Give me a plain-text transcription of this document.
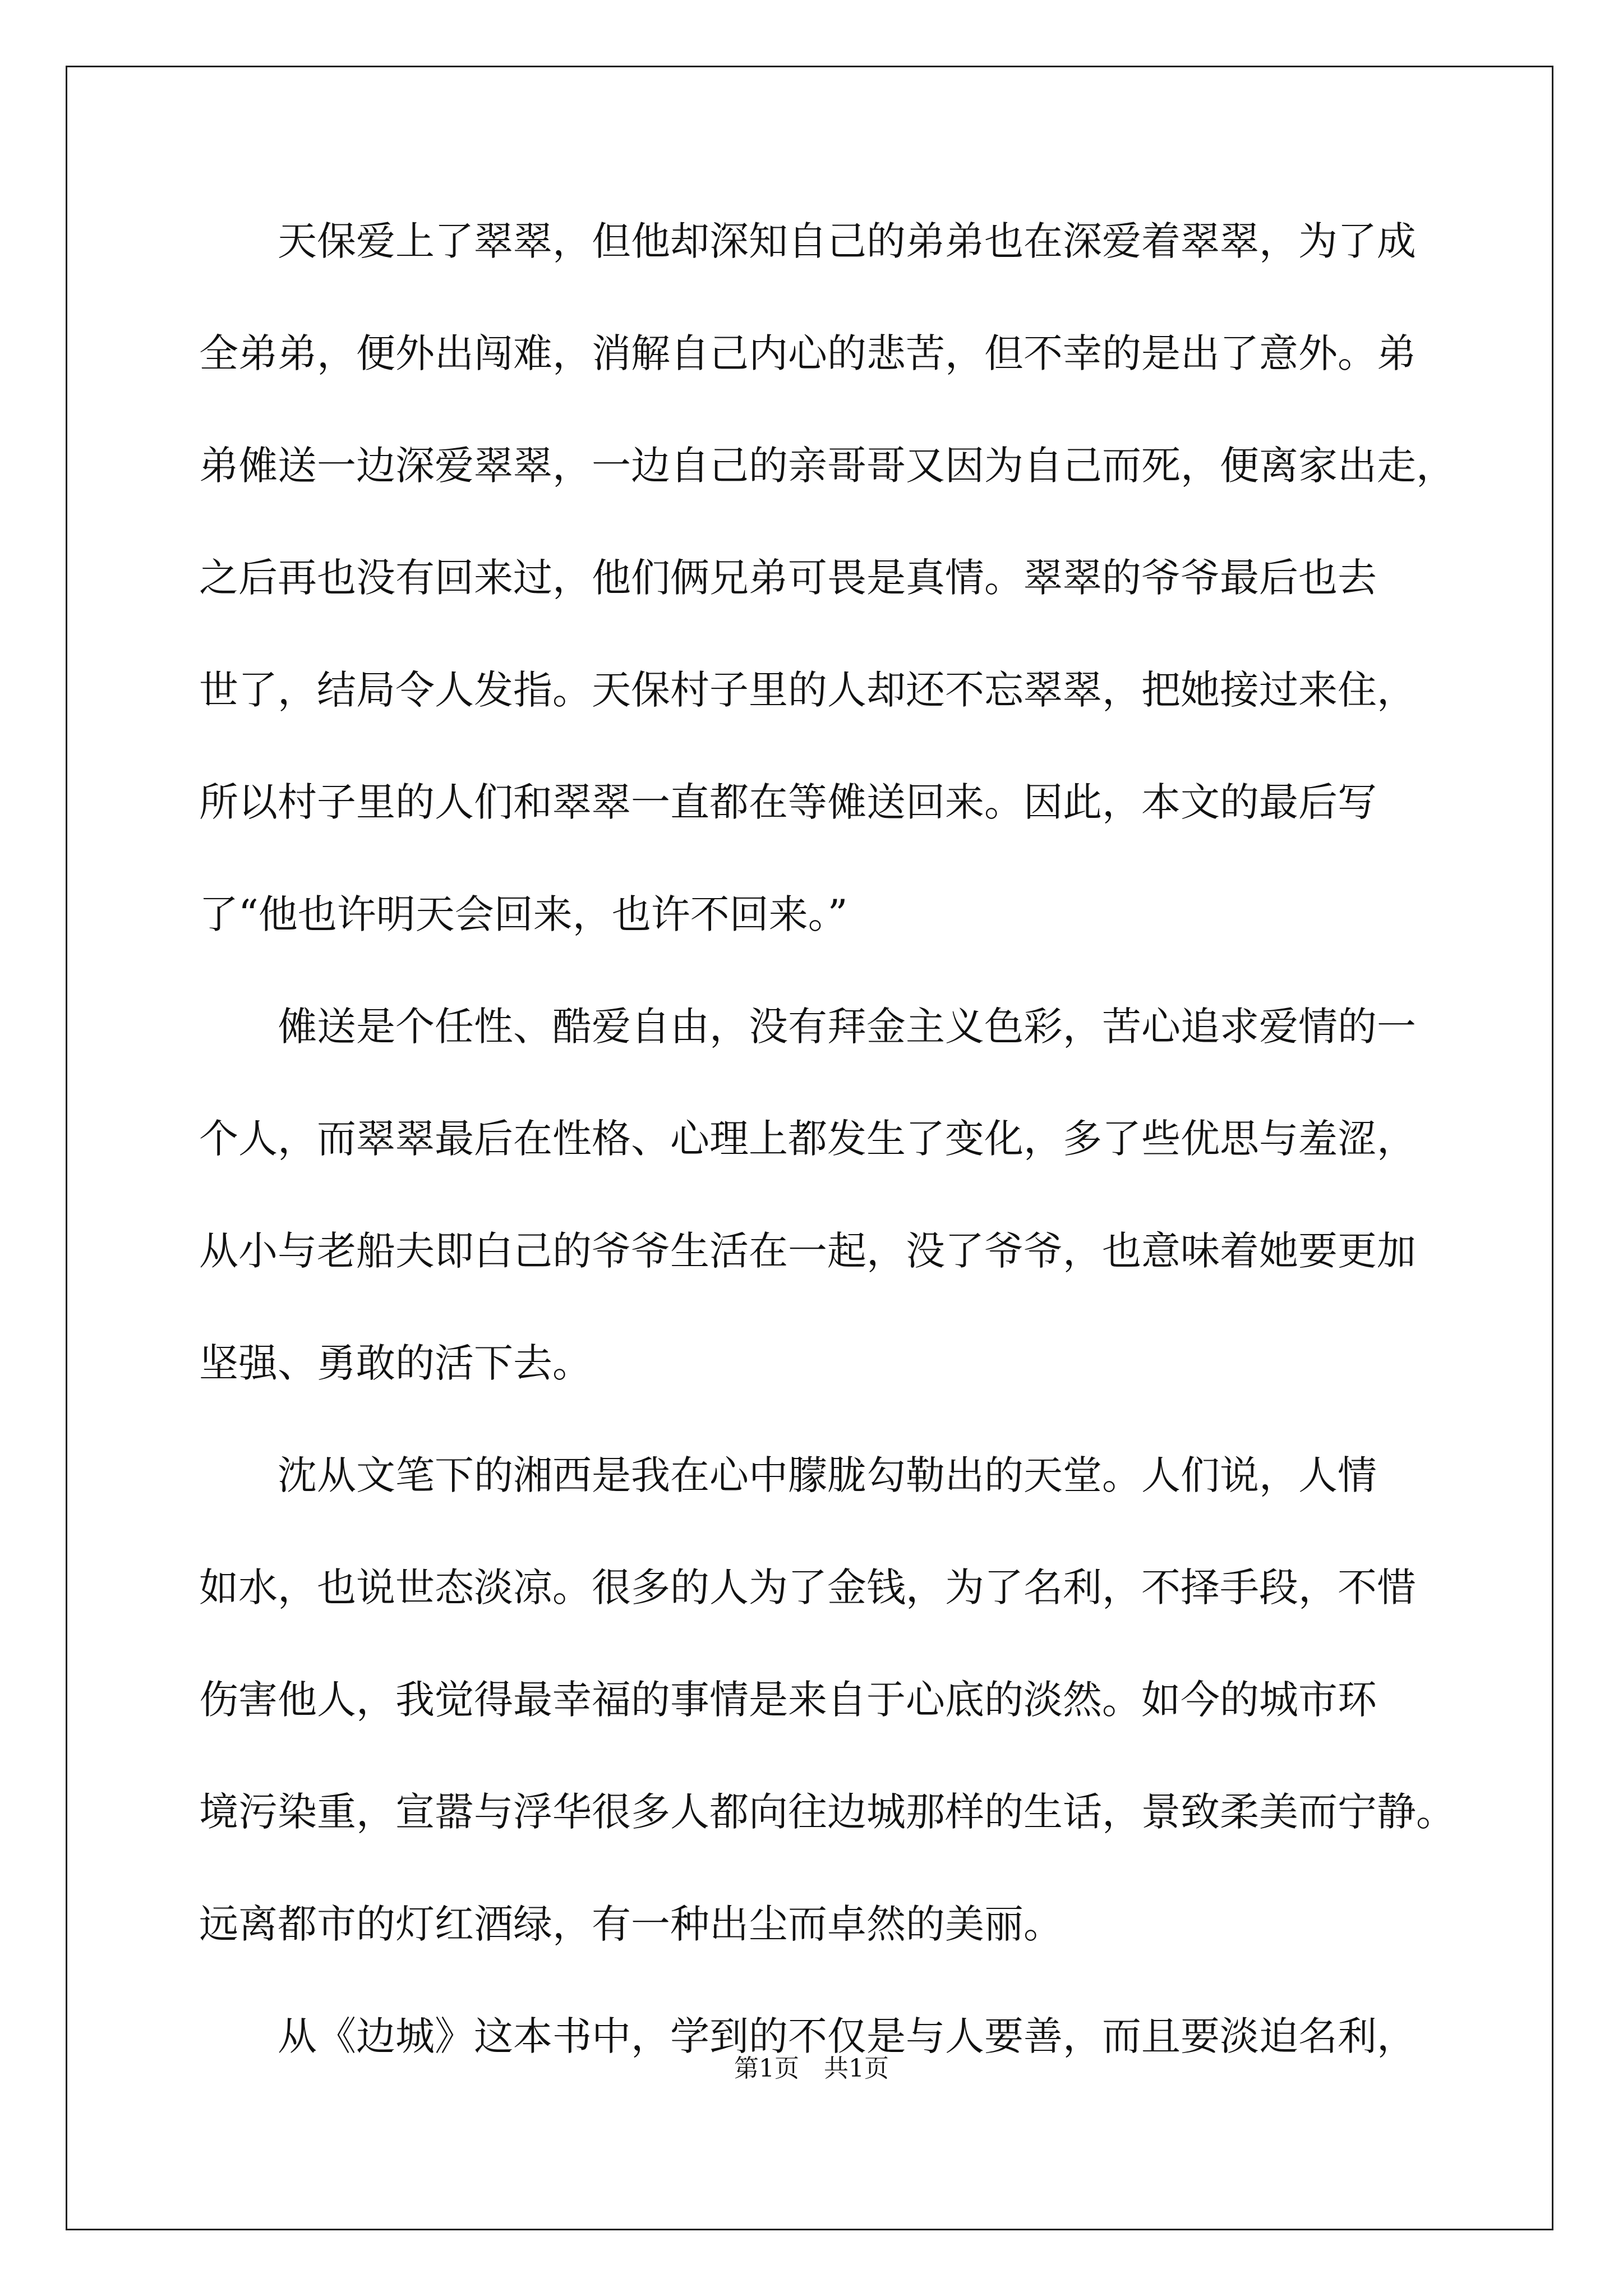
　　天保爱上了翠翠，但他却深知自己的弟弟也在深爱着翠翠，为了成
全弟弟，便外出闯难，消解自己内心的悲苦，但不幸的是出了意外。弟
弟傩送一边深爱翠翠，一边自己的亲哥哥又因为自己而死，便离家出走，
之后再也没有回来过，他们俩兄弟可畏是真情。翠翠的爷爷最后也去
世了，结局令人发指。天保村子里的人却还不忘翠翠，把她接过来住，
所以村子里的人们和翠翠一直都在等傩送回来。因此，本文的最后写
了“他也许明天会回来，也许不回来。”
　　傩送是个任性、酷爱自由，没有拜金主义色彩，苦心追求爱情的一
个人，而翠翠最后在性格、心理上都发生了变化，多了些优思与羞涩，
从小与老船夫即白己的爷爷生活在一起，没了爷爷，也意味着她要更加
坚强、勇敢的活下去。
　　沈从文笔下的湘西是我在心中朦胧勾勒出的天堂。人们说，人情
如水，也说世态淡凉。很多的人为了金钱，为了名利，不择手段，不惜
伤害他人，我觉得最幸福的事情是来自于心底的淡然。如今的城市环
境污染重，宣嚣与浮华很多人都向往边城那样的生话，景致柔美而宁静。
远离都市的灯红酒绿，有一种出尘而卓然的美丽。
　　从《边城》这本书中，学到的不仅是与人要善，而且要淡迫名利，
第1页　共1页
